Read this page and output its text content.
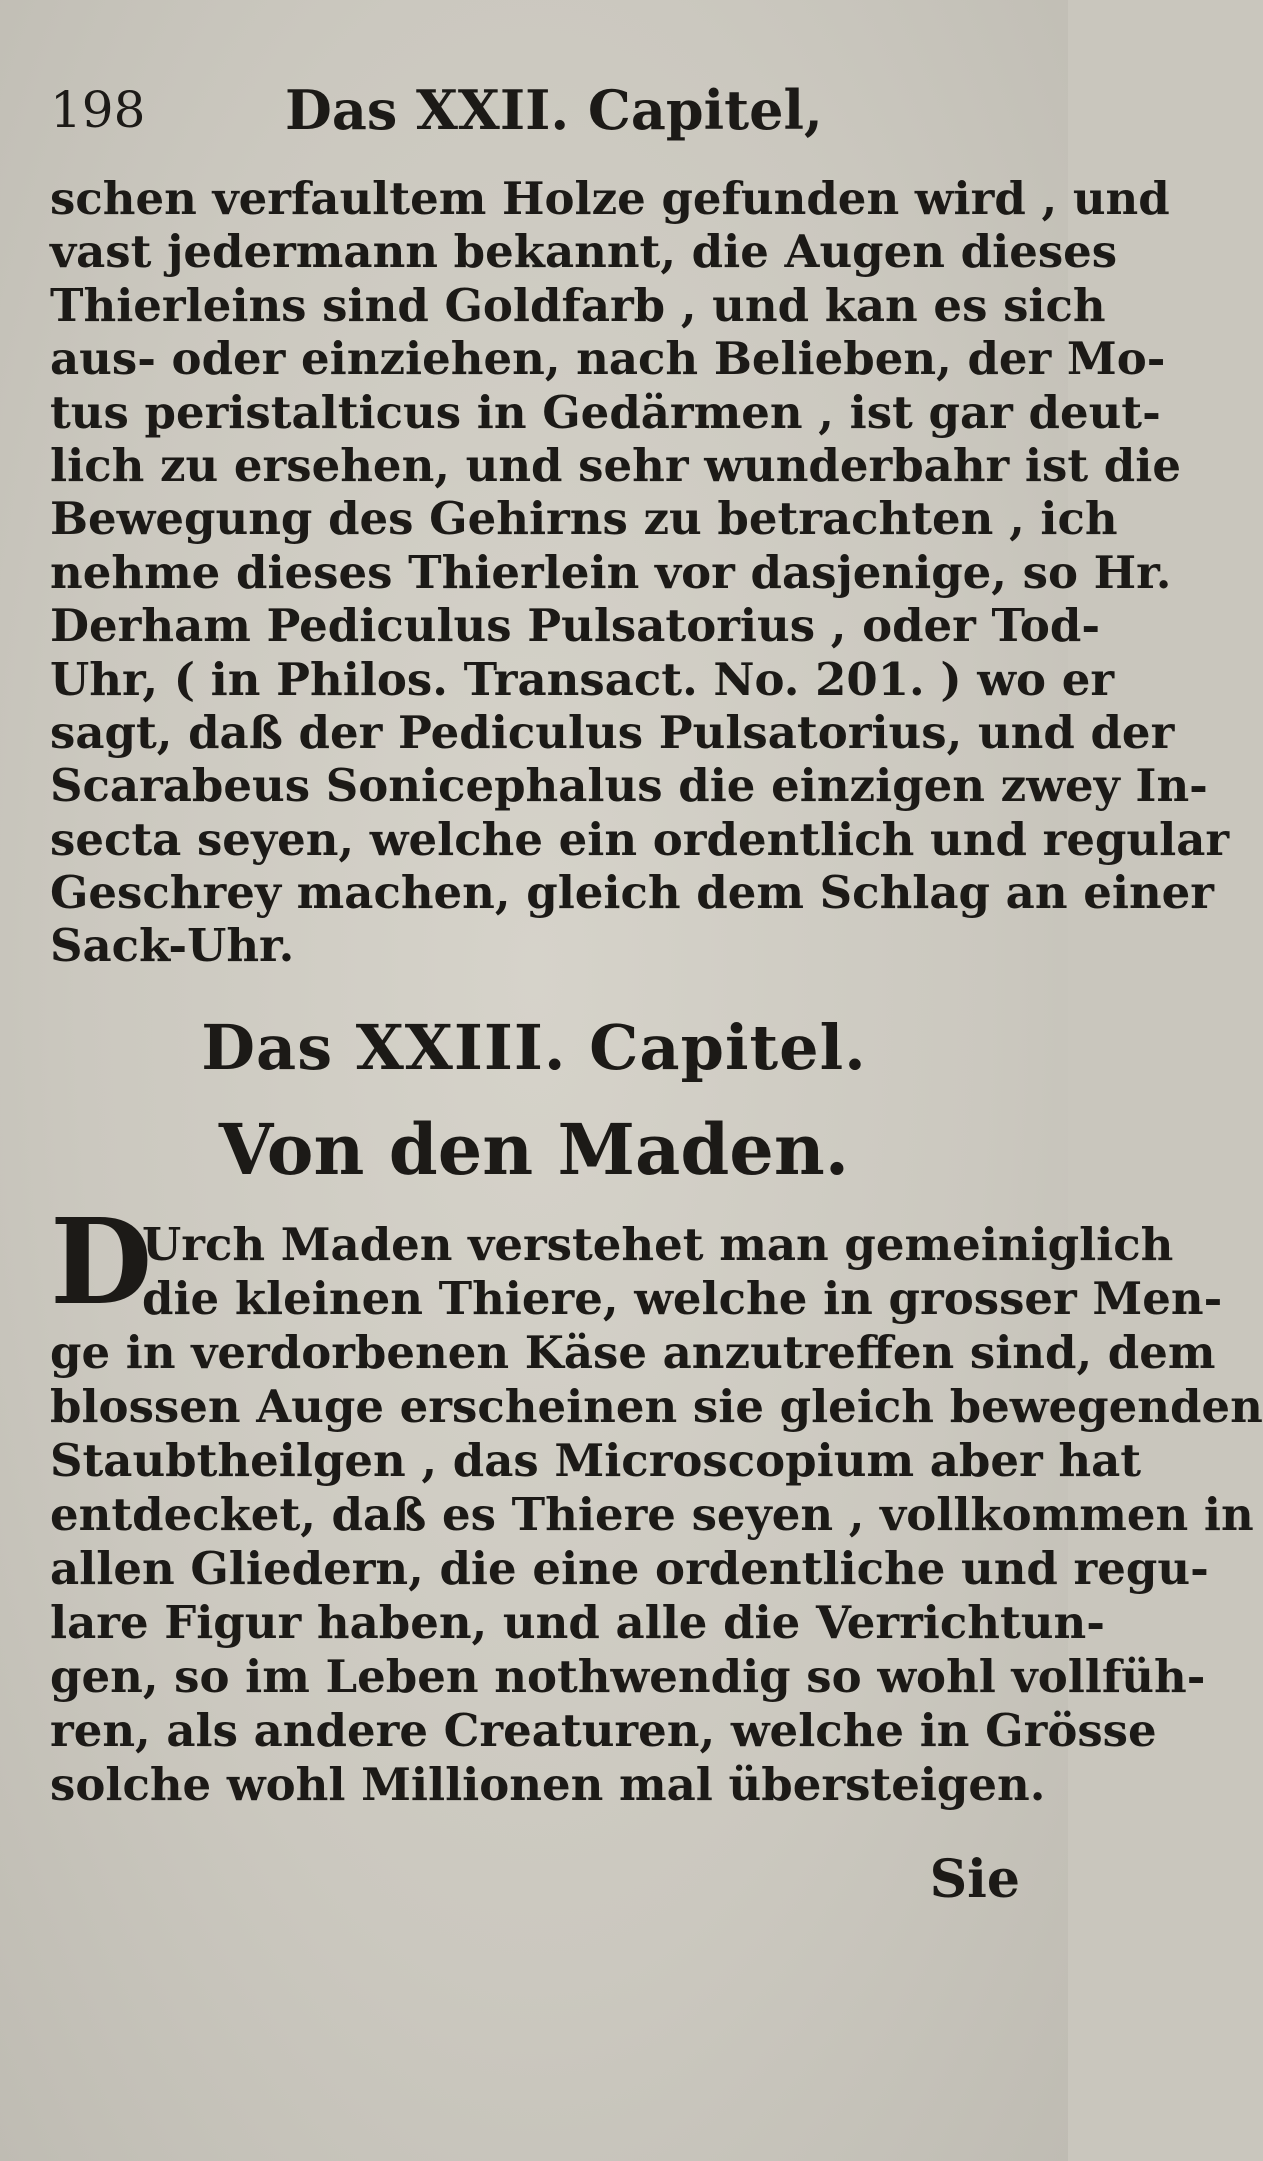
198	Das XXII. Capitel,
schen verfaultem Holze gefunden wird , und
vast jedermann bekannt, die Augen dieses
Thierleins sind Goldfarb , und kan es sich
aus- oder einziehen, nach Belieben, der Mo-
tus peristalticus in Gedärmen , ist gar deut-
lich zu ersehen, und sehr wunderbahr ist die
Bewegung des Gehirns zu betrachten , ich
nehme dieses Thierlein vor dasjenige, so Hr.
Derham Pediculus Pulsatorius , oder Tod-
Uhr, ( in Philos. Transact. No. 201. ) wo er
sagt, daß der Pediculus Pulsatorius, und der
Scarabeus Sonicephalus die einzigen zwey In-
secta seyen, welche ein ordentlich und regular
Geschrey machen, gleich dem Schlag an einer
Sack-Uhr.
Das XXIII. Capitel.
Von den Maden.
D
Urch Maden verstehet man gemeiniglich
die kleinen Thiere, welche in grosser Men-
ge in verdorbenen Käse anzutreffen sind, dem
blossen Auge erscheinen sie gleich bewegenden
Staubtheilgen , das Microscopium aber hat
entdecket, daß es Thiere seyen , vollkommen in
allen Gliedern, die eine ordentliche und regu-
lare Figur haben, und alle die Verrichtun-
gen, so im Leben nothwendig so wohl vollfüh-
ren, als andere Creaturen, welche in Grösse
solche wohl Millionen mal übersteigen.
Sie
